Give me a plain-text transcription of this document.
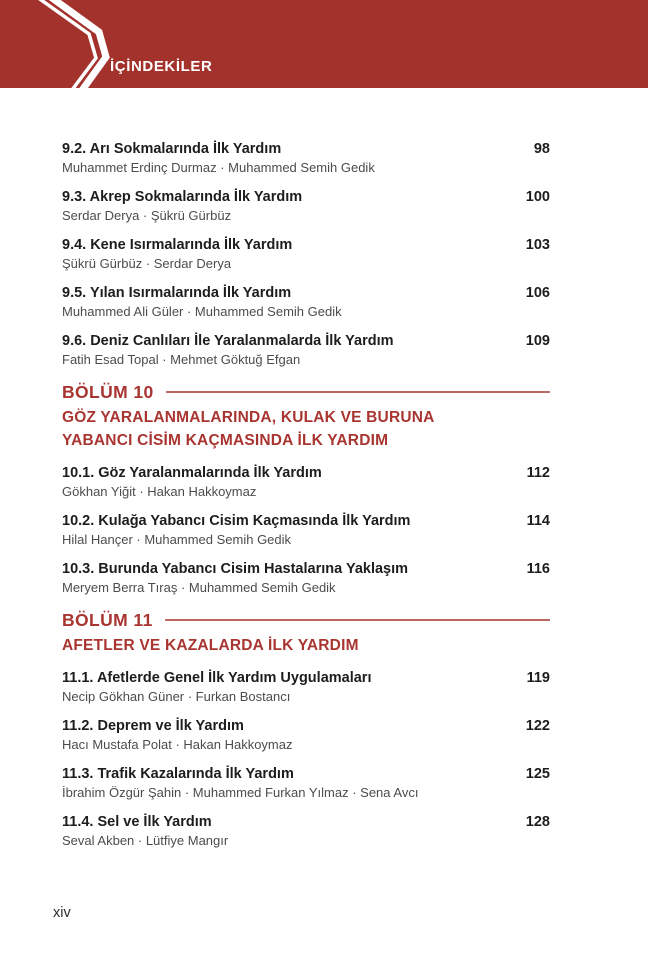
İÇİNDEKİLER
9.2. Arı Sokmalarında İlk Yardım	98
Muhammet Erdinç Durmaz · Muhammed Semih Gedik
9.3. Akrep Sokmalarında İlk Yardım	100
Serdar Derya · Şükrü Gürbüz
9.4. Kene Isırmalarında İlk Yardım	103
Şükrü Gürbüz · Serdar Derya
9.5. Yılan Isırmalarında İlk Yardım	106
Muhammed Ali Güler · Muhammed Semih Gedik
9.6. Deniz Canlıları İle Yaralanmalarda İlk Yardım	109
Fatih Esad Topal · Mehmet Göktuğ Efgan
BÖLÜM 10
GÖZ YARALANMALARINDA, KULAK VE BURUNA
YABANCI CİSİM KAÇMASINDA İLK YARDIM
10.1. Göz Yaralanmalarında İlk Yardım	112
Gökhan Yiğit · Hakan Hakkoymaz
10.2. Kulağa Yabancı Cisim Kaçmasında İlk Yardım	114
Hilal Hançer · Muhammed Semih Gedik
10.3. Burunda Yabancı Cisim Hastalarına Yaklaşım	116
Meryem Berra Tıraş · Muhammed Semih Gedik
BÖLÜM 11
AFETLER VE KAZALARDA İLK YARDIM
11.1. Afetlerde Genel İlk Yardım Uygulamaları	119
Necip Gökhan Güner · Furkan Bostancı
11.2. Deprem ve İlk Yardım	122
Hacı Mustafa Polat · Hakan Hakkoymaz
11.3. Trafik Kazalarında İlk Yardım	125
İbrahim Özgür Şahin · Muhammed Furkan Yılmaz · Sena Avcı
11.4. Sel ve İlk Yardım	128
Seval Akben · Lütfiye Mangır
xiv
